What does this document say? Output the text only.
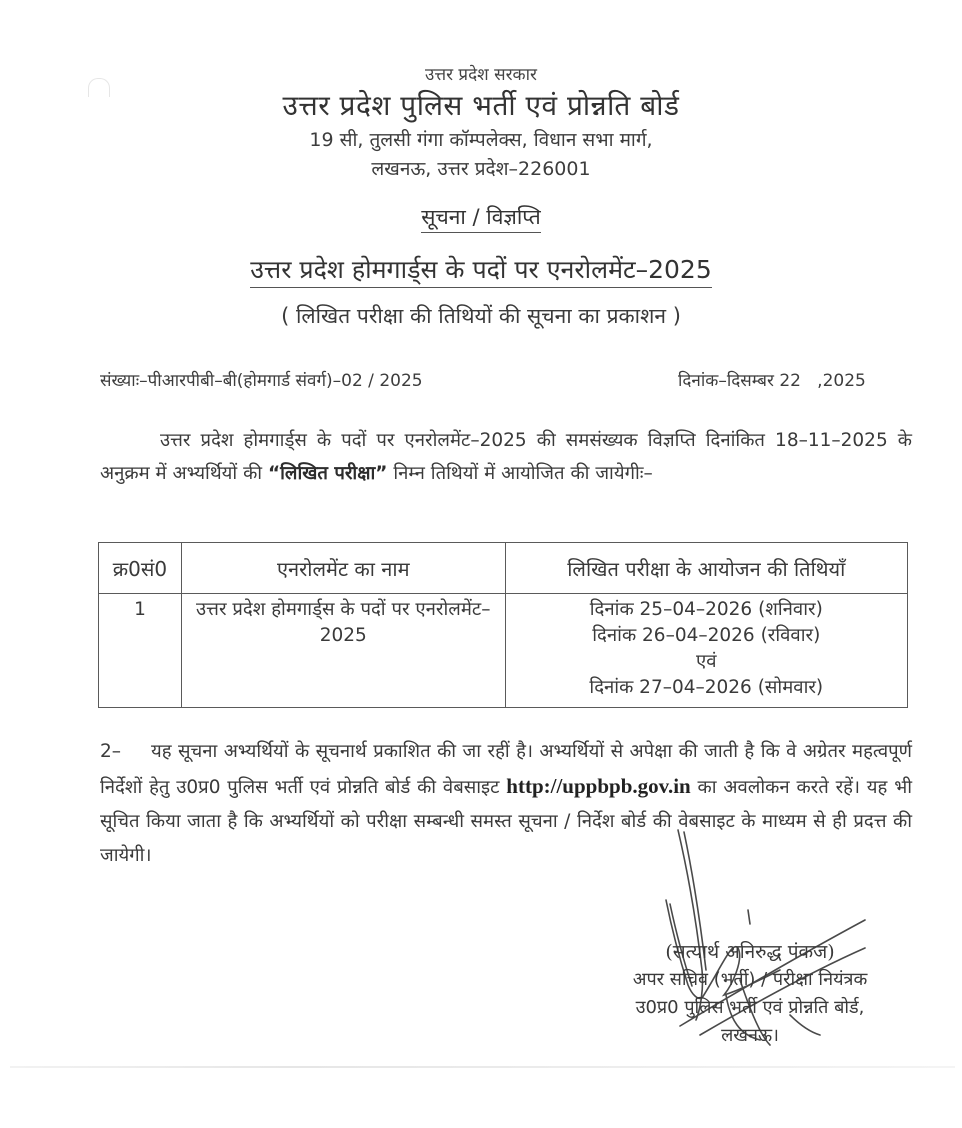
उत्तर प्रदेश सरकार
उत्तर प्रदेश पुलिस भर्ती एवं प्रोन्नति बोर्ड
19 सी, तुलसी गंगा कॉम्पलेक्स, विधान सभा मार्ग,
लखनऊ, उत्तर प्रदेश–226001
सूचना / विज्ञप्ति
उत्तर प्रदेश होमगार्ड्स के पदों पर एनरोलमेंट–2025
( लिखित परीक्षा की तिथियों की सूचना का प्रकाशन )
संख्याः–पीआरपीबी–बी(होमगार्ड संवर्ग)–02 / 2025	दिनांक–दिसम्बर 22   ,2025
उत्तर प्रदेश होमगार्ड्स के पदों पर एनरोलमेंट–2025 की समसंख्यक विज्ञप्ति दिनांकित 18–11–2025 के अनुक्रम में अभ्यर्थियों की “लिखित परीक्षा” निम्न तिथियों में आयोजित की जायेगीः–
क्र0सं0	एनरोलमेंट का नाम	लिखित परीक्षा के आयोजन की तिथियाँ
1	उत्तर प्रदेश होमगार्ड्स के पदों पर एनरोलमेंट–2025	दिनांक 25–04–2026 (शनिवार)
दिनांक 26–04–2026 (रविवार)
एवं
दिनांक 27–04–2026 (सोमवार)
2– यह सूचना अभ्यर्थियों के सूचनार्थ प्रकाशित की जा रहीं है। अभ्यर्थियों से अपेक्षा की जाती है कि वे अग्रेतर महत्वपूर्ण निर्देशों हेतु उ0प्र0 पुलिस भर्ती एवं प्रोन्नति बोर्ड की वेबसाइट http://uppbpb.gov.in का अवलोकन करते रहें। यह भी सूचित किया जाता है कि अभ्यर्थियों को परीक्षा सम्बन्धी समस्त सूचना / निर्देश बोर्ड की वेबसाइट के माध्यम से ही प्रदत्त की जायेगी।
(सत्यार्थ अनिरुद्ध पंकज)
अपर सचिव (भर्ती) / परीक्षा नियंत्रक
उ0प्र0 पुलिस भर्ती एवं प्रोन्नति बोर्ड,
लखनऊ।
